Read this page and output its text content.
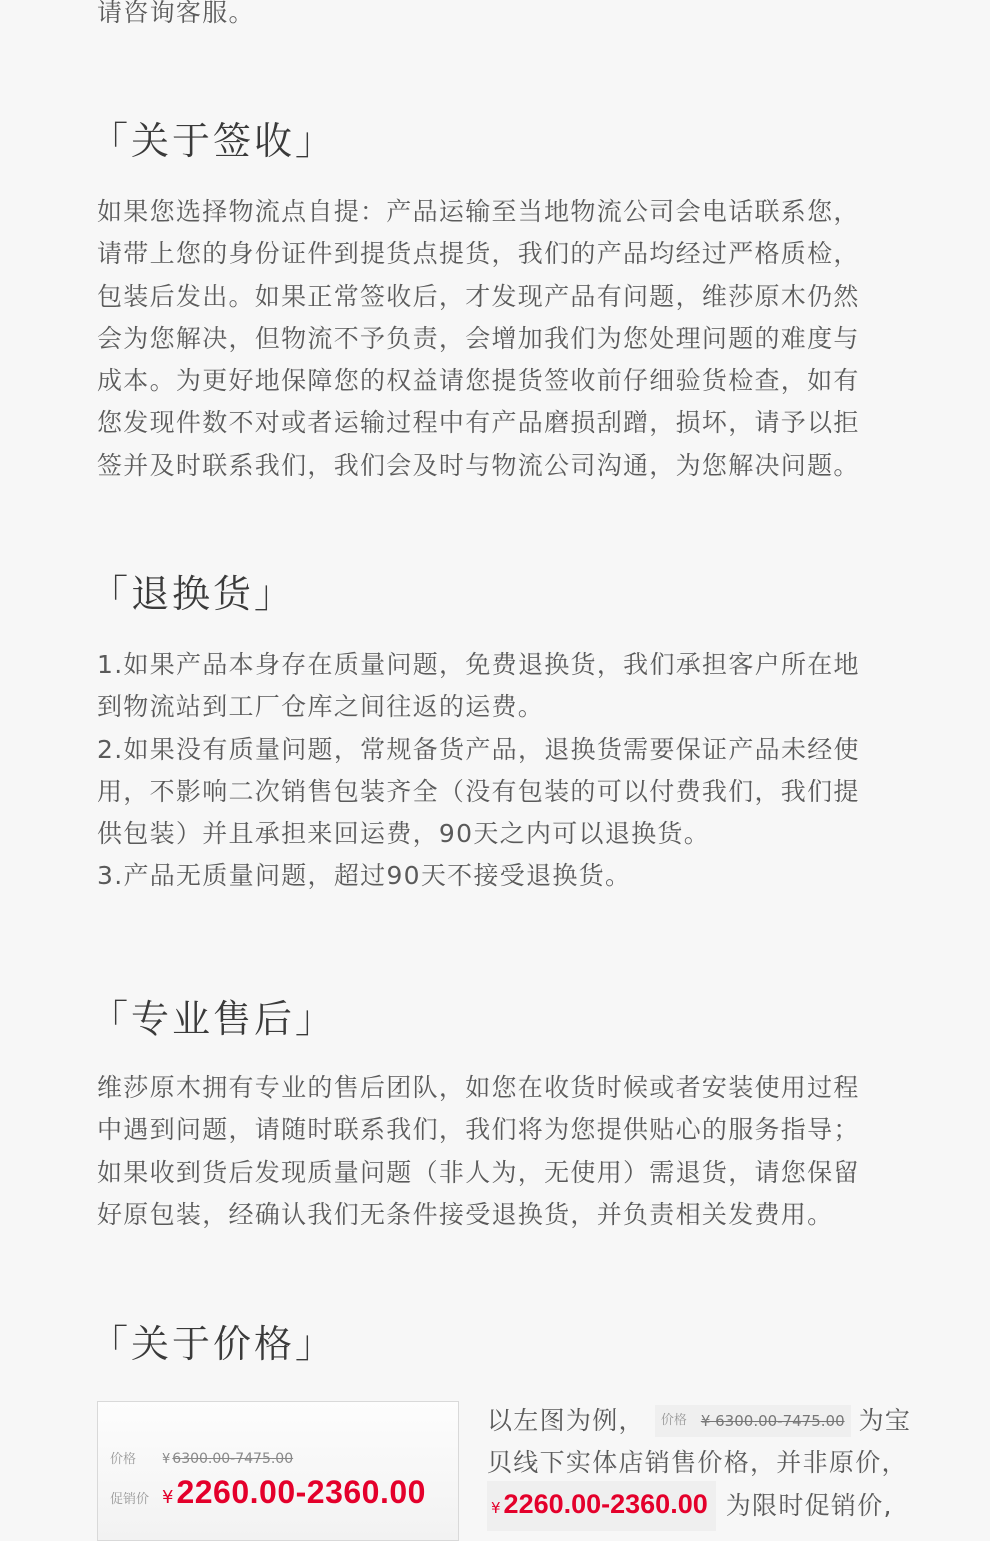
请咨询客服。
「关于签收」
如果您选择物流点自提：产品运输至当地物流公司会电话联系您，
请带上您的身份证件到提货点提货，我们的产品均经过严格质检，
包装后发出。如果正常签收后，才发现产品有问题，维莎原木仍然
会为您解决，但物流不予负责，会增加我们为您处理问题的难度与
成本。为更好地保障您的权益请您提货签收前仔细验货检查，如有
您发现件数不对或者运输过程中有产品磨损刮蹭，损坏，请予以拒
签并及时联系我们，我们会及时与物流公司沟通，为您解决问题。
「退换货」
1.如果产品本身存在质量问题，免费退换货，我们承担客户所在地
到物流站到工厂仓库之间往返的运费。
2.如果没有质量问题，常规备货产品，退换货需要保证产品未经使
用，不影响二次销售包装齐全（没有包装的可以付费我们，我们提
供包装）并且承担来回运费，90天之内可以退换货。
3.产品无质量问题，超过90天不接受退换货。
「专业售后」
维莎原木拥有专业的售后团队，如您在收货时候或者安装使用过程
中遇到问题，请随时联系我们，我们将为您提供贴心的服务指导；
如果收到货后发现质量问题（非人为，无使用）需退货，请您保留
好原包装，经确认我们无条件接受退换货，并负责相关发费用。
「关于价格」
价格	¥ 6300.00-7475.00
促销价 ¥ 2260.00-2360.00
以左图为例， 价格 ¥ 6300.00-7475.00 为宝
贝线下实体店销售价格，并非原价，
¥ 2260.00-2360.00 为限时促销价,
